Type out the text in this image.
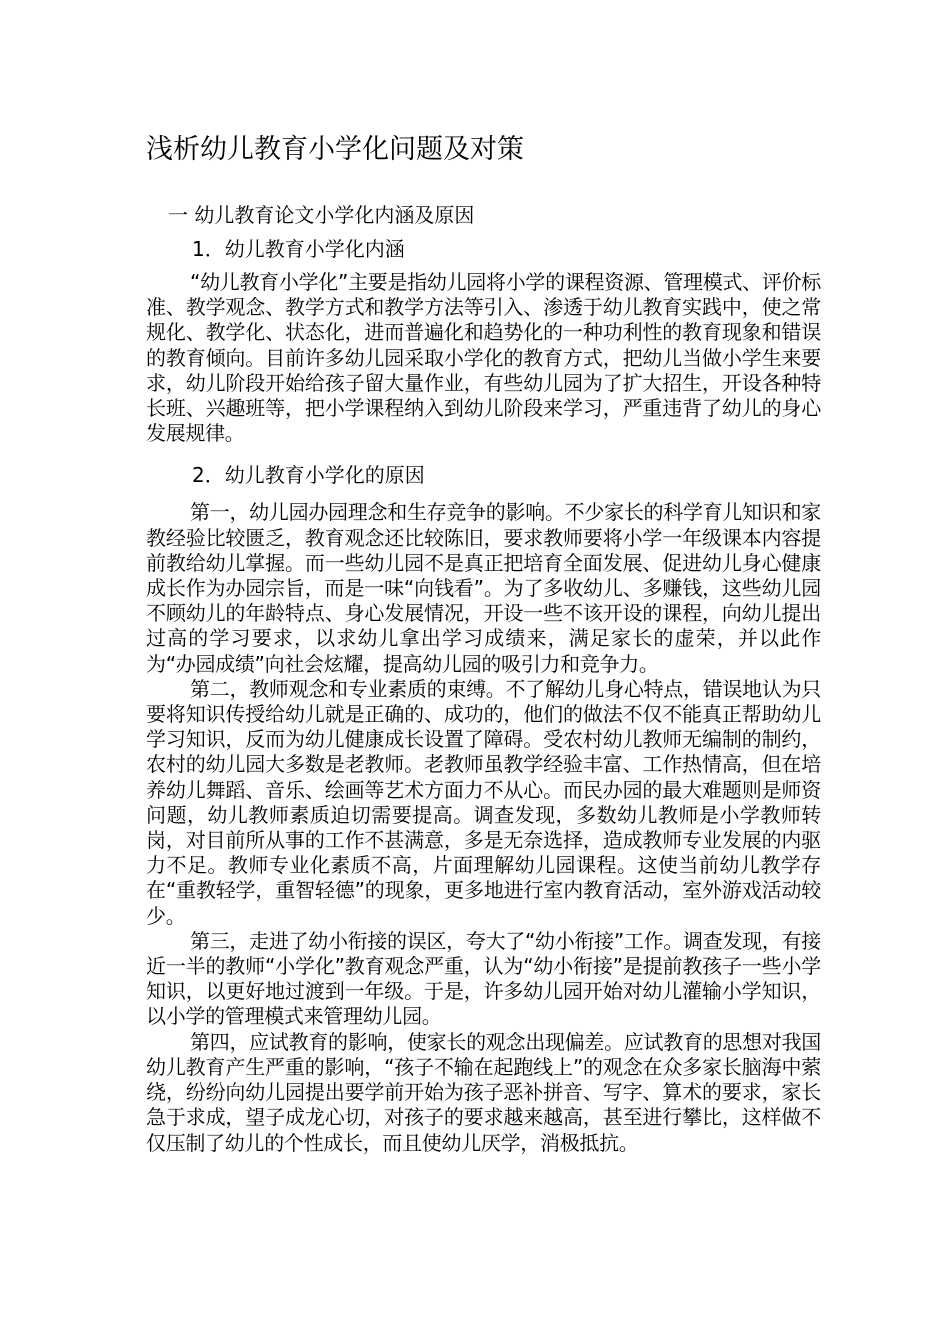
浅析幼儿教育小学化问题及对策
一 幼儿教育论文小学化内涵及原因
1．幼儿教育小学化内涵

“幼儿教育小学化”主要是指幼儿园将小学的课程资源、管理模式、评价标准、教学观念、教学方式和教学方法等引入、渗透于幼儿教育实践中，使之常规化、教学化、状态化，进而普遍化和趋势化的一种功利性的教育现象和错误的教育倾向。目前许多幼儿园采取小学化的教育方式，把幼儿当做小学生来要求，幼儿阶段开始给孩子留大量作业，有些幼儿园为了扩大招生，开设各种特长班、兴趣班等，把小学课程纳入到幼儿阶段来学习，严重违背了幼儿的身心发展规律。

2．幼儿教育小学化的原因

第一，幼儿园办园理念和生存竞争的影响。不少家长的科学育儿知识和家教经验比较匮乏，教育观念还比较陈旧，要求教师要将小学一年级课本内容提前教给幼儿掌握。而一些幼儿园不是真正把培育全面发展、促进幼儿身心健康成长作为办园宗旨，而是一味“向钱看”。为了多收幼儿、多赚钱，这些幼儿园不顾幼儿的年龄特点、身心发展情况，开设一些不该开设的课程，向幼儿提出过高的学习要求，以求幼儿拿出学习成绩来，满足家长的虚荣，并以此作为“办园成绩”向社会炫耀，提高幼儿园的吸引力和竞争力。

第二，教师观念和专业素质的束缚。不了解幼儿身心特点，错误地认为只要将知识传授给幼儿就是正确的、成功的，他们的做法不仅不能真正帮助幼儿学习知识，反而为幼儿健康成长设置了障碍。受农村幼儿教师无编制的制约，农村的幼儿园大多数是老教师。老教师虽教学经验丰富、工作热情高，但在培养幼儿舞蹈、音乐、绘画等艺术方面力不从心。而民办园的最大难题则是师资问题，幼儿教师素质迫切需要提高。调查发现，多数幼儿教师是小学教师转岗，对目前所从事的工作不甚满意，多是无奈选择，造成教师专业发展的内驱力不足。教师专业化素质不高，片面理解幼儿园课程。这使当前幼儿教学存在“重教轻学，重智轻德”的现象，更多地进行室内教育活动，室外游戏活动较少。

第三，走进了幼小衔接的误区，夸大了“幼小衔接”工作。调查发现，有接近一半的教师“小学化”教育观念严重，认为“幼小衔接”是提前教孩子一些小学知识，以更好地过渡到一年级。于是，许多幼儿园开始对幼儿灌输小学知识，以小学的管理模式来管理幼儿园。

第四，应试教育的影响，使家长的观念出现偏差。应试教育的思想对我国幼儿教育产生严重的影响，“孩子不输在起跑线上”的观念在众多家长脑海中萦绕，纷纷向幼儿园提出要学前开始为孩子恶补拼音、写字、算术的要求，家长急于求成，望子成龙心切，对孩子的要求越来越高，甚至进行攀比，这样做不仅压制了幼儿的个性成长，而且使幼儿厌学，消极抵抗。
